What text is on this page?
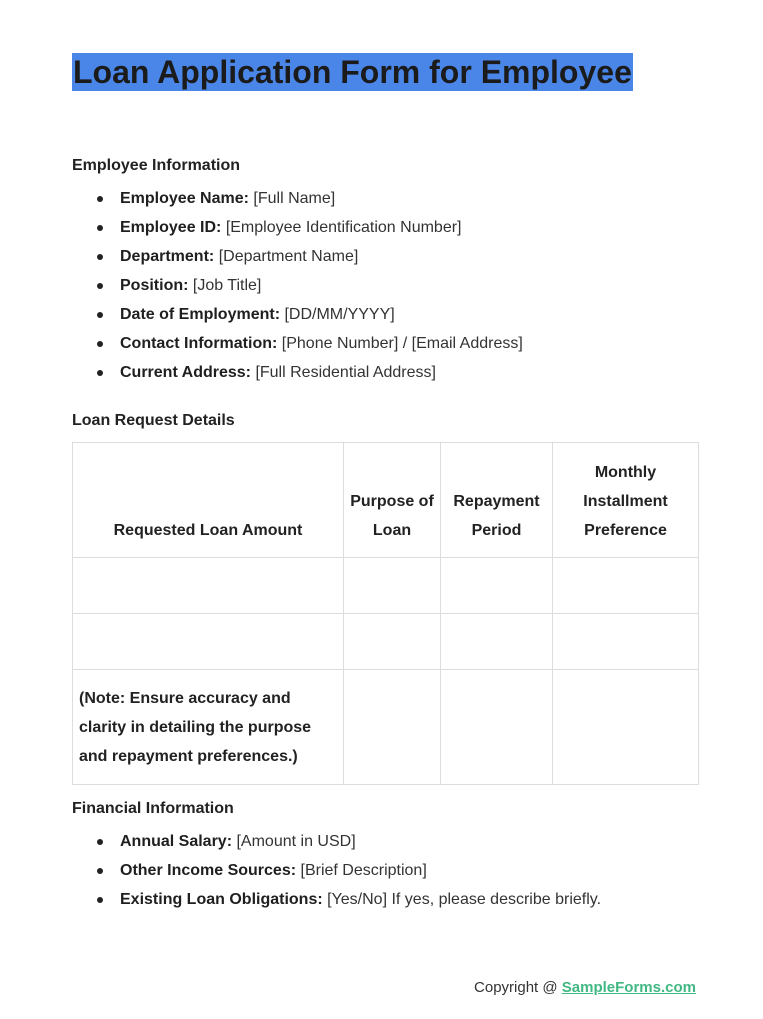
Loan Application Form for Employee
Employee Information
Employee Name: [Full Name]
Employee ID: [Employee Identification Number]
Department: [Department Name]
Position: [Job Title]
Date of Employment: [DD/MM/YYYY]
Contact Information: [Phone Number] / [Email Address]
Current Address: [Full Residential Address]
Loan Request Details
Requested Loan Amount	Purpose of Loan	Repayment Period	Monthly Installment Preference

(Note: Ensure accuracy and clarity in detailing the purpose and repayment preferences.)			
Financial Information
Annual Salary: [Amount in USD]
Other Income Sources: [Brief Description]
Existing Loan Obligations: [Yes/No] If yes, please describe briefly.
Copyright @ SampleForms.com
